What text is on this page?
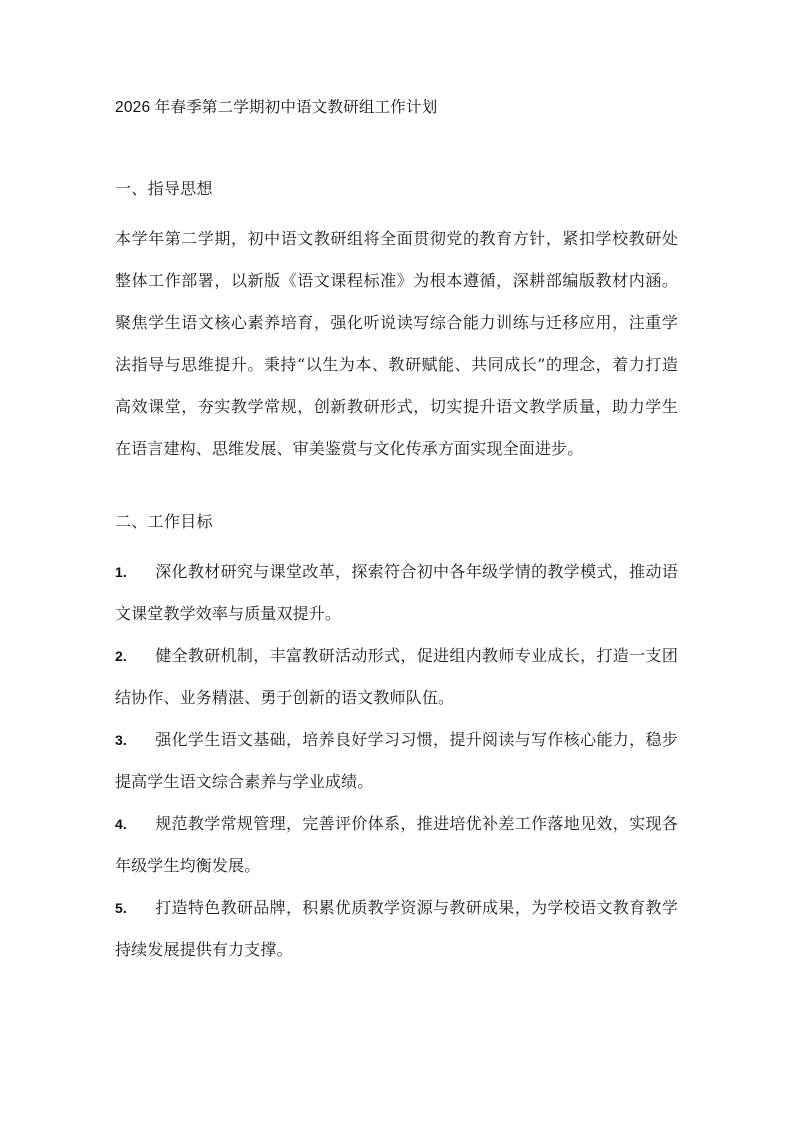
2026 年春季第二学期初中语文教研组工作计划
一、指导思想

本学年第二学期，初中语文教研组将全面贯彻党的教育方针，紧扣学校教研处整体工作部署，以新版《语文课程标准》为根本遵循，深耕部编版教材内涵。聚焦学生语文核心素养培育，强化听说读写综合能力训练与迁移应用，注重学法指导与思维提升。秉持“以生为本、教研赋能、共同成长”的理念，着力打造高效课堂，夯实教学常规，创新教研形式，切实提升语文教学质量，助力学生在语言建构、思维发展、审美鉴赏与文化传承方面实现全面进步。

二、工作目标
1. 深化教材研究与课堂改革，探索符合初中各年级学情的教学模式，推动语文课堂教学效率与质量双提升。
2. 健全教研机制，丰富教研活动形式，促进组内教师专业成长，打造一支团结协作、业务精湛、勇于创新的语文教师队伍。
3. 强化学生语文基础，培养良好学习习惯，提升阅读与写作核心能力，稳步提高学生语文综合素养与学业成绩。
4. 规范教学常规管理，完善评价体系，推进培优补差工作落地见效，实现各年级学生均衡发展。
5. 打造特色教研品牌，积累优质教学资源与教研成果，为学校语文教育教学持续发展提供有力支撑。
